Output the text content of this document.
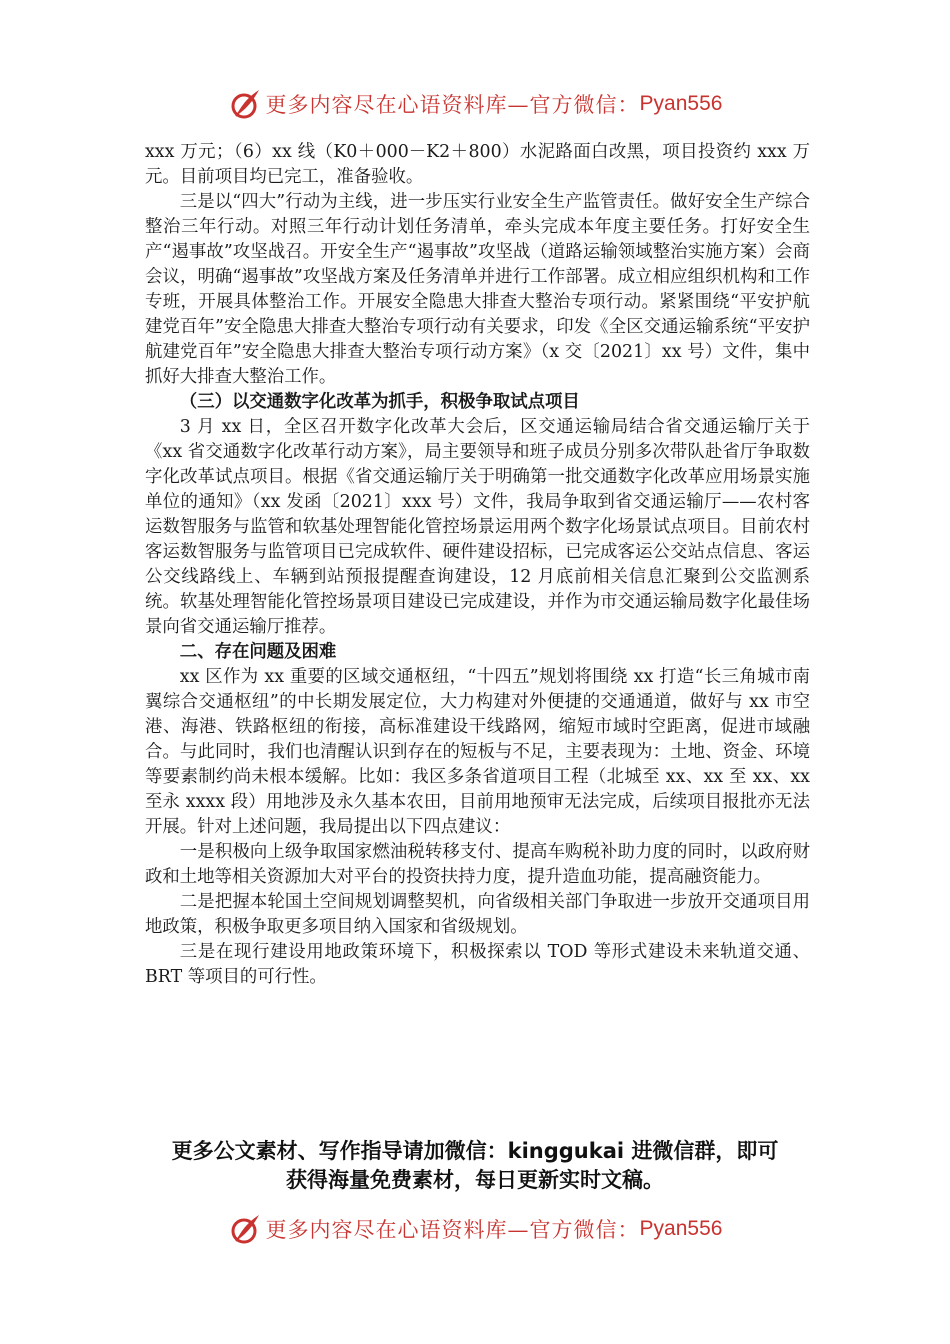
更多内容尽在心语资料库—官方微信： Pyan556

xxx 万元；（6）xx 线（K0＋000－K2＋800）水泥路面白改黑，项目投资约 xxx 万元。目前项目均已完工，准备验收。

三是以“四大”行动为主线，进一步压实行业安全生产监管责任。做好安全生产综合整治三年行动。对照三年行动计划任务清单，牵头完成本年度主要任务。打好安全生产“遏事故”攻坚战召。开安全生产“遏事故”攻坚战（道路运输领域整治实施方案）会商会议，明确“遏事故”攻坚战方案及任务清单并进行工作部署。成立相应组织机构和工作专班，开展具体整治工作。开展安全隐患大排查大整治专项行动。紧紧围绕“平安护航建党百年”安全隐患大排查大整治专项行动有关要求，印发《全区交通运输系统“平安护航建党百年”安全隐患大排查大整治专项行动方案》（x 交〔2021〕xx 号）文件，集中抓好大排查大整治工作。

（三）以交通数字化改革为抓手，积极争取试点项目

3 月 xx 日，全区召开数字化改革大会后，区交通运输局结合省交通运输厅关于《xx 省交通数字化改革行动方案》，局主要领导和班子成员分别多次带队赴省厅争取数字化改革试点项目。根据《省交通运输厅关于明确第一批交通数字化改革应用场景实施单位的通知》（xx 发函〔2021〕xxx 号）文件，我局争取到省交通运输厅——农村客运数智服务与监管和软基处理智能化管控场景运用两个数字化场景试点项目。目前农村客运数智服务与监管项目已完成软件、硬件建设招标，已完成客运公交站点信息、客运公交线路线上、车辆到站预报提醒查询建设，12 月底前相关信息汇聚到公交监测系统。软基处理智能化管控场景项目建设已完成建设，并作为市交通运输局数字化最佳场景向省交通运输厅推荐。

二、存在问题及困难

xx 区作为 xx 重要的区域交通枢纽，“十四五”规划将围绕 xx 打造“长三角城市南翼综合交通枢纽”的中长期发展定位，大力构建对外便捷的交通通道，做好与 xx 市空港、海港、铁路枢纽的衔接，高标准建设干线路网，缩短市域时空距离，促进市域融合。与此同时，我们也清醒认识到存在的短板与不足，主要表现为：土地、资金、环境等要素制约尚未根本缓解。比如：我区多条省道项目工程（北城至 xx、xx 至 xx、xx 至永 xxxx 段）用地涉及永久基本农田，目前用地预审无法完成，后续项目报批亦无法开展。针对上述问题，我局提出以下四点建议：

一是积极向上级争取国家燃油税转移支付、提高车购税补助力度的同时，以政府财政和土地等相关资源加大对平台的投资扶持力度，提升造血功能，提高融资能力。

二是把握本轮国土空间规划调整契机，向省级相关部门争取进一步放开交通项目用地政策，积极争取更多项目纳入国家和省级规划。

三是在现行建设用地政策环境下，积极探索以 TOD 等形式建设未来轨道交通、BRT 等项目的可行性。

更多公文素材、写作指导请加微信：kinggukai 进微信群，即可
获得海量免费素材，每日更新实时文稿。
更多内容尽在心语资料库—官方微信： Pyan556
